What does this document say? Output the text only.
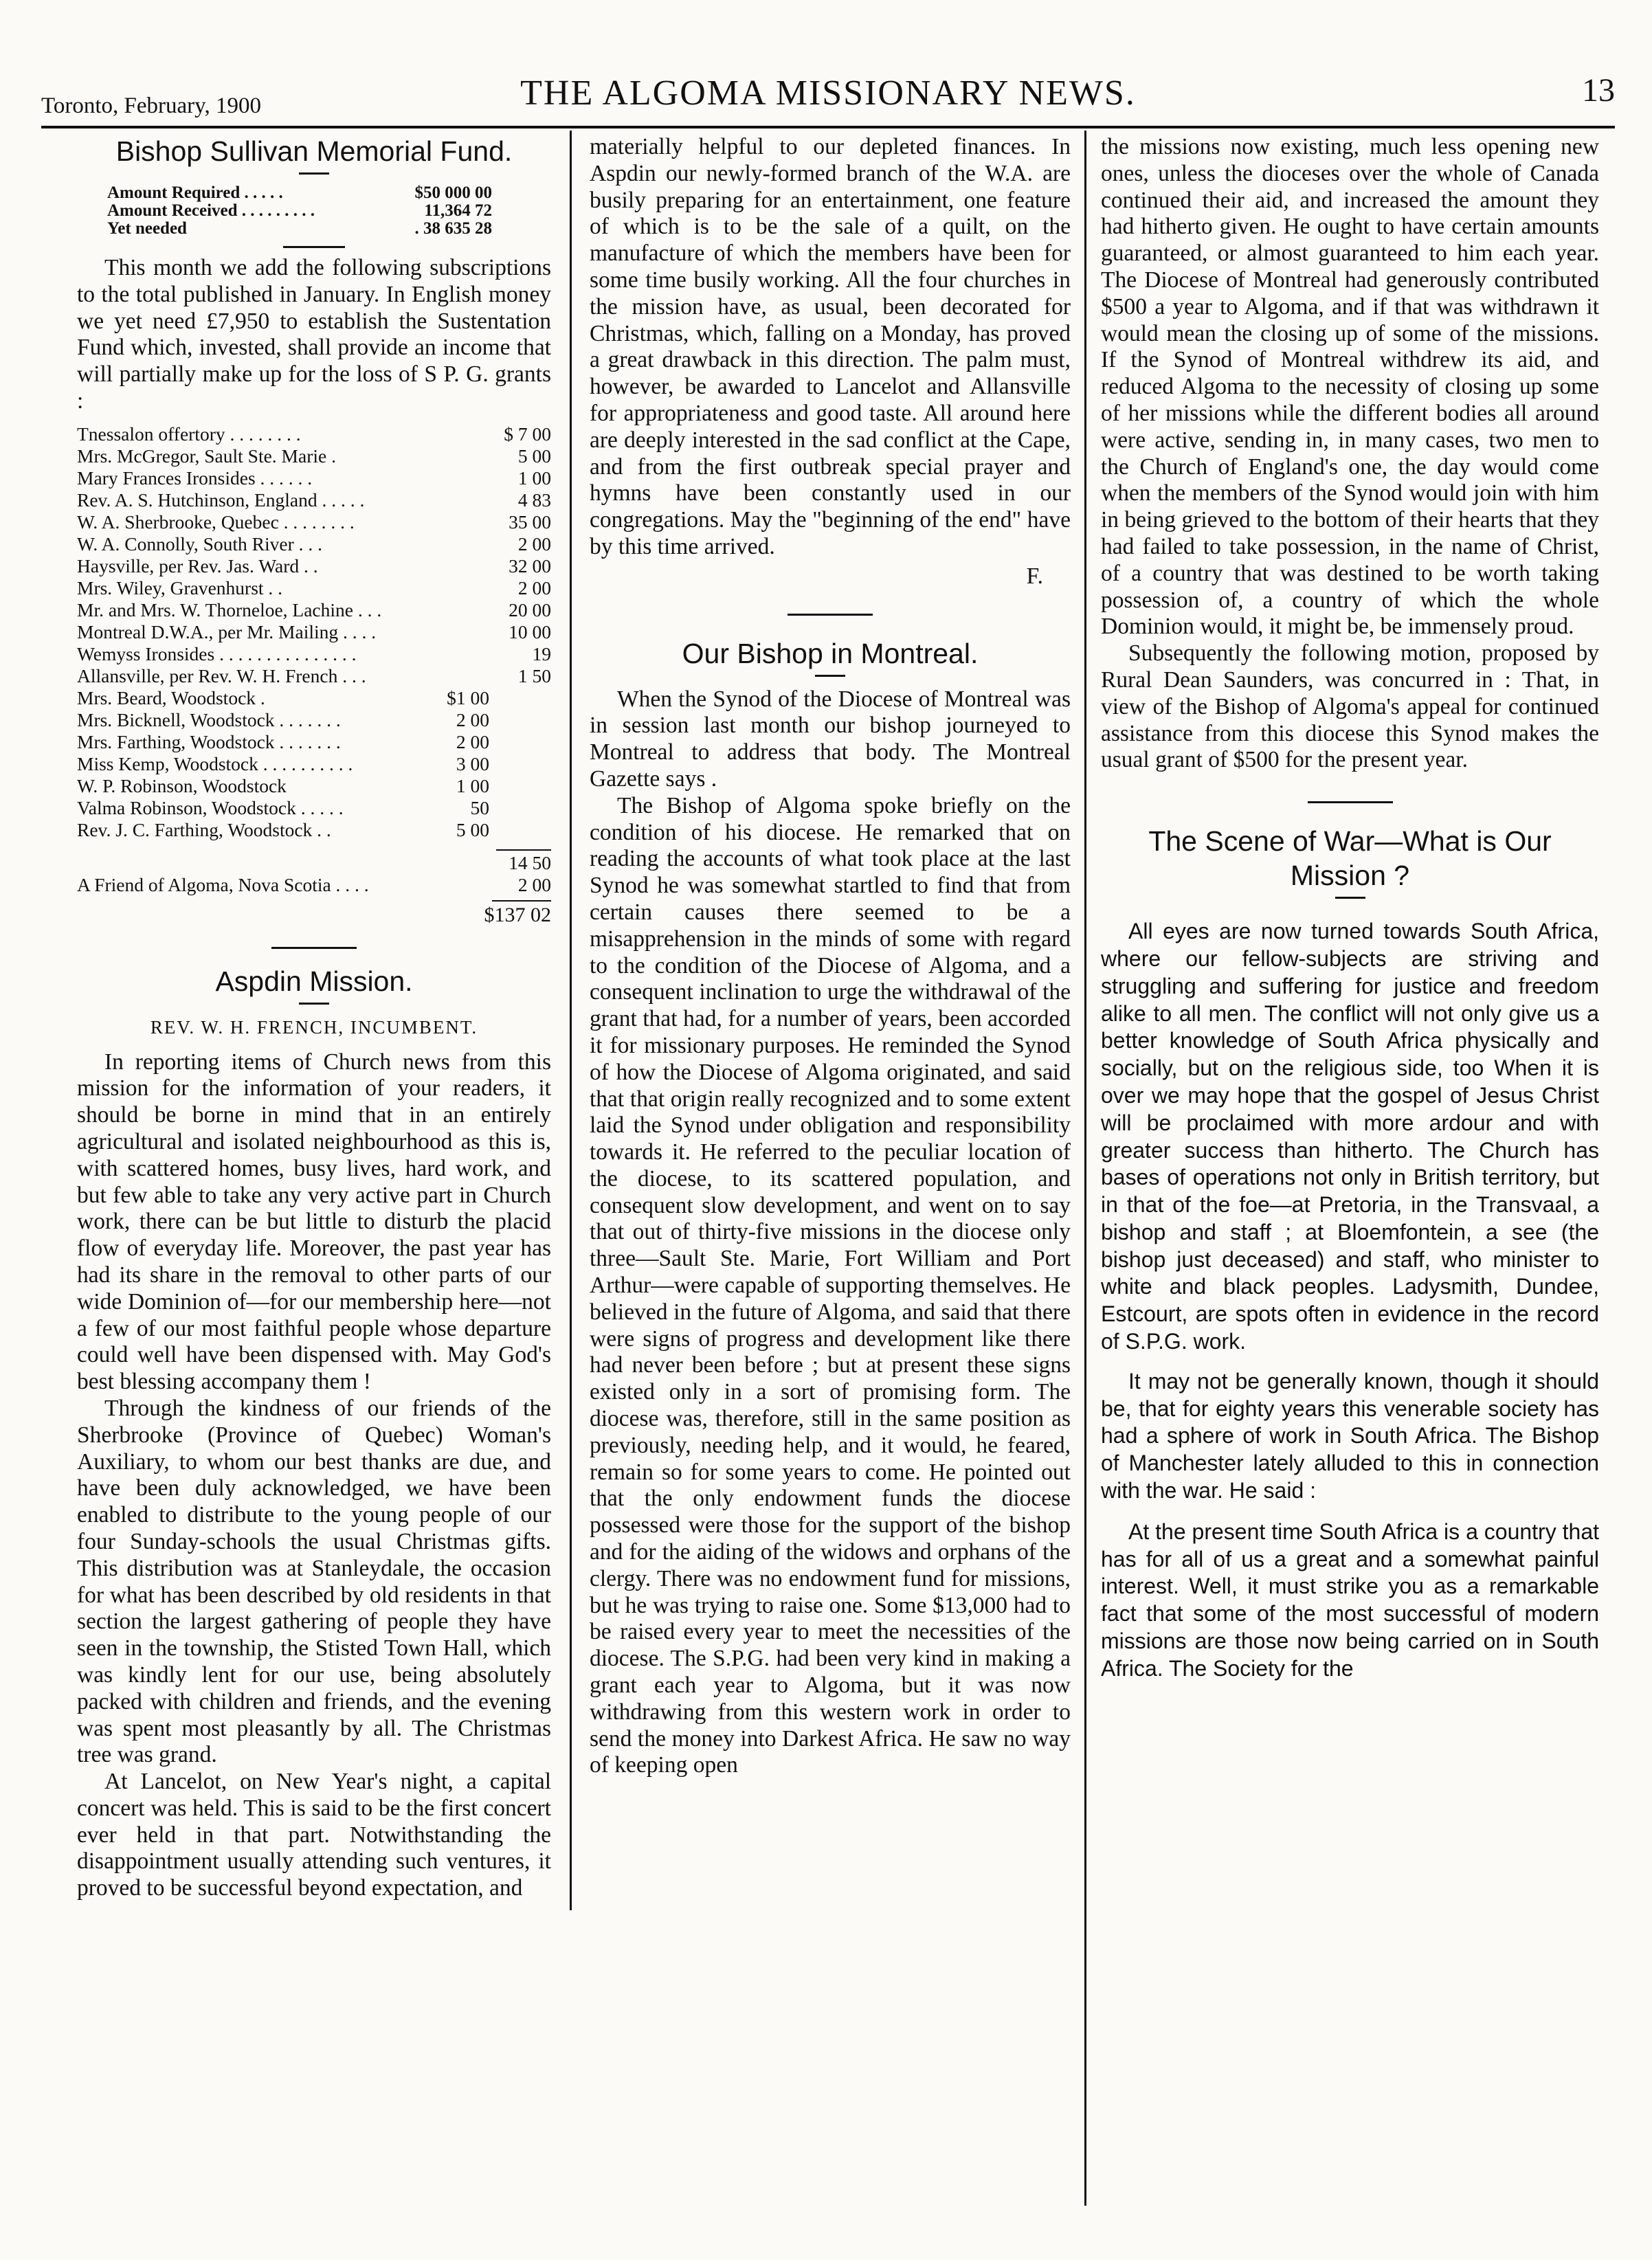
Toronto, February, 1900	THE ALGOMA MISSIONARY NEWS.	13
Bishop Sullivan Memorial Fund.
Amount Required . . . . .	$50 000 00
Amount Received . . . . . . . . .	11,364 72
Yet needed	. 38 635 28

This month we add the following subscriptions to the total published in January. In English money we yet need £7,950 to establish the Sustentation Fund which, invested, shall provide an income that will partially make up for the loss of S P. G. grants :

Tnessalon offertory . . . . . . . .	$ 7 00
Mrs. McGregor, Sault Ste. Marie .	5 00
Mary Frances Ironsides . . . . . .	1 00
Rev. A. S. Hutchinson, England . . . . .	4 83
W. A. Sherbrooke, Quebec . . . . . . . .	35 00
W. A. Connolly, South River . . .	2 00
Haysville, per Rev. Jas. Ward . .	32 00
Mrs. Wiley, Gravenhurst . .	2 00
Mr. and Mrs. W. Thorneloe, Lachine . . .	20 00
Montreal D.W.A., per Mr. Mailing . . . .	10 00
Wemyss Ironsides . . . . . . . . . . . . . . .	19
Allansville, per Rev. W. H. French . . .	1 50
Mrs. Beard, Woodstock .	$1 00
Mrs. Bicknell, Woodstock . . . . . . .	2 00
Mrs. Farthing, Woodstock . . . . . . .	2 00
Miss Kemp, Woodstock . . . . . . . . . .	3 00
W. P. Robinson, Woodstock	1 00
Valma Robinson, Woodstock . . . . .	50
Rev. J. C. Farthing, Woodstock . .	5 00
14 50
A Friend of Algoma, Nova Scotia . . . .	2 00
$137 02
Aspdin Mission.
REV. W. H. FRENCH, INCUMBENT.

In reporting items of Church news from this mission for the information of your readers, it should be borne in mind that in an entirely agricultural and isolated neighbourhood as this is, with scattered homes, busy lives, hard work, and but few able to take any very active part in Church work, there can be but little to disturb the placid flow of everyday life. Moreover, the past year has had its share in the removal to other parts of our wide Dominion of—for our membership here—not a few of our most faithful people whose departure could well have been dispensed with. May God's best blessing accompany them !

Through the kindness of our friends of the Sherbrooke (Province of Quebec) Woman's Auxiliary, to whom our best thanks are due, and have been duly acknowledged, we have been enabled to distribute to the young people of our four Sunday-schools the usual Christmas gifts. This distribution was at Stanleydale, the occasion for what has been described by old residents in that section the largest gathering of people they have seen in the township, the Stisted Town Hall, which was kindly lent for our use, being absolutely packed with children and friends, and the evening was spent most pleasantly by all. The Christmas tree was grand.

At Lancelot, on New Year's night, a capital concert was held. This is said to be the first concert ever held in that part. Notwithstanding the disappointment usually attending such ventures, it proved to be successful beyond expectation, and

materially helpful to our depleted finances. In Aspdin our newly-formed branch of the W.A. are busily preparing for an entertainment, one feature of which is to be the sale of a quilt, on the manufacture of which the members have been for some time busily working. All the four churches in the mission have, as usual, been decorated for Christmas, which, falling on a Monday, has proved a great drawback in this direction. The palm must, however, be awarded to Lancelot and Allansville for appropriateness and good taste. All around here are deeply interested in the sad conflict at the Cape, and from the first outbreak special prayer and hymns have been constantly used in our congregations. May the "beginning of the end" have by this time arrived.

F.
Our Bishop in Montreal.

When the Synod of the Diocese of Montreal was in session last month our bishop journeyed to Montreal to address that body. The Montreal Gazette says .

The Bishop of Algoma spoke briefly on the condition of his diocese. He remarked that on reading the accounts of what took place at the last Synod he was somewhat startled to find that from certain causes there seemed to be a misapprehension in the minds of some with regard to the condition of the Diocese of Algoma, and a consequent inclination to urge the withdrawal of the grant that had, for a number of years, been accorded it for missionary purposes. He reminded the Synod of how the Diocese of Algoma originated, and said that that origin really recognized and to some extent laid the Synod under obligation and responsibility towards it. He referred to the peculiar location of the diocese, to its scattered population, and consequent slow development, and went on to say that out of thirty-five missions in the diocese only three—Sault Ste. Marie, Fort William and Port Arthur—were capable of supporting themselves. He believed in the future of Algoma, and said that there were signs of progress and development like there had never been before ; but at present these signs existed only in a sort of promising form. The diocese was, therefore, still in the same position as previously, needing help, and it would, he feared, remain so for some years to come. He pointed out that the only endowment funds the diocese possessed were those for the support of the bishop and for the aiding of the widows and orphans of the clergy. There was no endowment fund for missions, but he was trying to raise one. Some $13,000 had to be raised every year to meet the necessities of the diocese. The S.P.G. had been very kind in making a grant each year to Algoma, but it was now withdrawing from this western work in order to send the money into Darkest Africa. He saw no way of keeping open

the missions now existing, much less opening new ones, unless the dioceses over the whole of Canada continued their aid, and increased the amount they had hitherto given. He ought to have certain amounts guaranteed, or almost guaranteed to him each year. The Diocese of Montreal had generously contributed $500 a year to Algoma, and if that was withdrawn it would mean the closing up of some of the missions. If the Synod of Montreal withdrew its aid, and reduced Algoma to the necessity of closing up some of her missions while the different bodies all around were active, sending in, in many cases, two men to the Church of England's one, the day would come when the members of the Synod would join with him in being grieved to the bottom of their hearts that they had failed to take possession, in the name of Christ, of a country that was destined to be worth taking possession of, a country of which the whole Dominion would, it might be, be immensely proud.

Subsequently the following motion, proposed by Rural Dean Saunders, was concurred in : That, in view of the Bishop of Algoma's appeal for continued assistance from this diocese this Synod makes the usual grant of $500 for the present year.

The Scene of War—What is Our Mission ?

All eyes are now turned towards South Africa, where our fellow-subjects are striving and struggling and suffering for justice and freedom alike to all men. The conflict will not only give us a better knowledge of South Africa physically and socially, but on the religious side, too When it is over we may hope that the gospel of Jesus Christ will be proclaimed with more ardour and with greater success than hitherto. The Church has bases of operations not only in British territory, but in that of the foe—at Pretoria, in the Transvaal, a bishop and staff ; at Bloemfontein, a see (the bishop just deceased) and staff, who minister to white and black peoples. Ladysmith, Dundee, Estcourt, are spots often in evidence in the record of S.P.G. work.

It may not be generally known, though it should be, that for eighty years this venerable society has had a sphere of work in South Africa. The Bishop of Manchester lately alluded to this in connection with the war. He said :

At the present time South Africa is a country that has for all of us a great and a somewhat painful interest. Well, it must strike you as a remarkable fact that some of the most successful of modern missions are those now being carried on in South Africa. The Society for the
